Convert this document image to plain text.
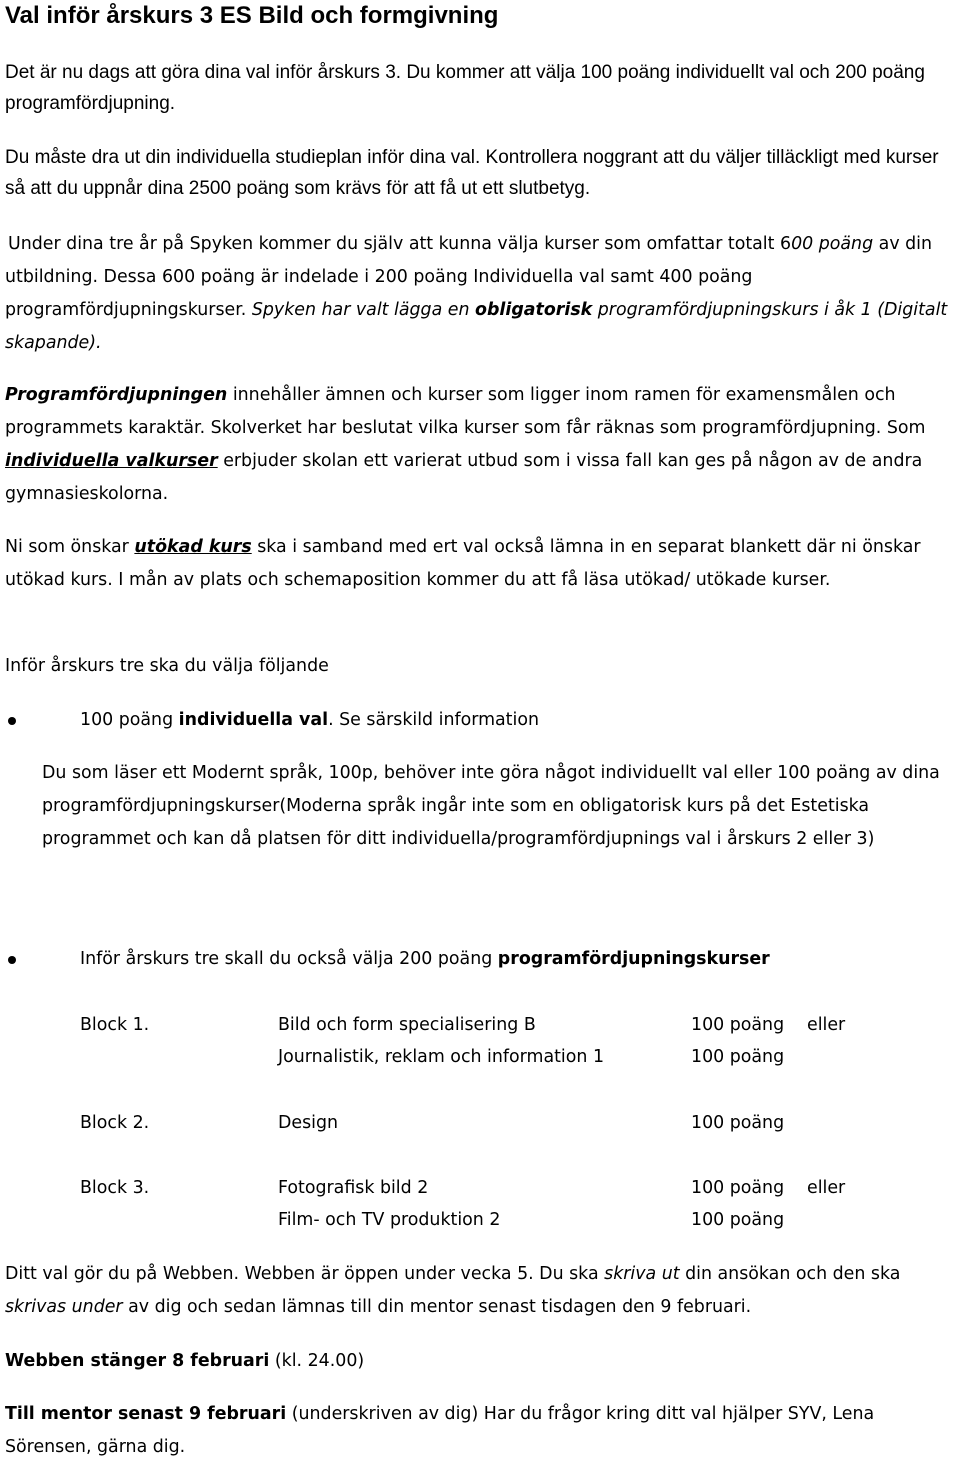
Val inför årskurs 3 ES Bild och formgivning

Det är nu dags att göra dina val inför årskurs 3. Du kommer att välja 100 poäng individuellt val och 200 poäng programfördjupning.

Du måste dra ut din individuella studieplan inför dina val. Kontrollera noggrant att du väljer tilläckligt med kurser så att du uppnår dina 2500 poäng som krävs för att få ut ett slutbetyg.

Under dina tre år på Spyken kommer du själv att kunna välja kurser som omfattar totalt 600 poäng av din utbildning. Dessa 600 poäng är indelade i 200 poäng Individuella val samt 400 poäng programfördjupningskurser. Spyken har valt lägga en obligatorisk programfördjupningskurs i åk 1 (Digitalt skapande).

Programfördjupningen innehåller ämnen och kurser som ligger inom ramen för examensmålen och programmets karaktär. Skolverket har beslutat vilka kurser som får räknas som programfördjupning. Som individuella valkurser erbjuder skolan ett varierat utbud som i vissa fall kan ges på någon av de andra gymnasieskolorna.

Ni som önskar utökad kurs ska i samband med ert val också lämna in en separat blankett där ni önskar utökad kurs. I mån av plats och schemaposition kommer du att få läsa utökad/ utökade kurser.

Inför årskurs tre ska du välja följande

100 poäng individuella val. Se särskild information

Du som läser ett Modernt språk, 100p, behöver inte göra något individuellt val eller 100 poäng av dina programfördjupningskurser(Moderna språk ingår inte som en obligatorisk kurs på det Estetiska programmet och kan då platsen för ditt individuella/programfördjupnings val i årskurs 2 eller 3)

Inför årskurs tre skall du också välja 200 poäng programfördjupningskurser
Block 1.	Bild och form specialisering B	100 poäng eller
Journalistik, reklam och information 1	100 poäng
Block 2.	Design	100 poäng
Block 3.	Fotografisk bild 2	100 poäng eller
Film- och TV produktion 2	100 poäng

Ditt val gör du på Webben. Webben är öppen under vecka 5. Du ska skriva ut din ansökan och den ska skrivas under av dig och sedan lämnas till din mentor senast tisdagen den 9 februari.

Webben stänger 8 februari (kl. 24.00)

Till mentor senast 9 februari (underskriven av dig) Har du frågor kring ditt val hjälper SYV, Lena Sörensen, gärna dig.
